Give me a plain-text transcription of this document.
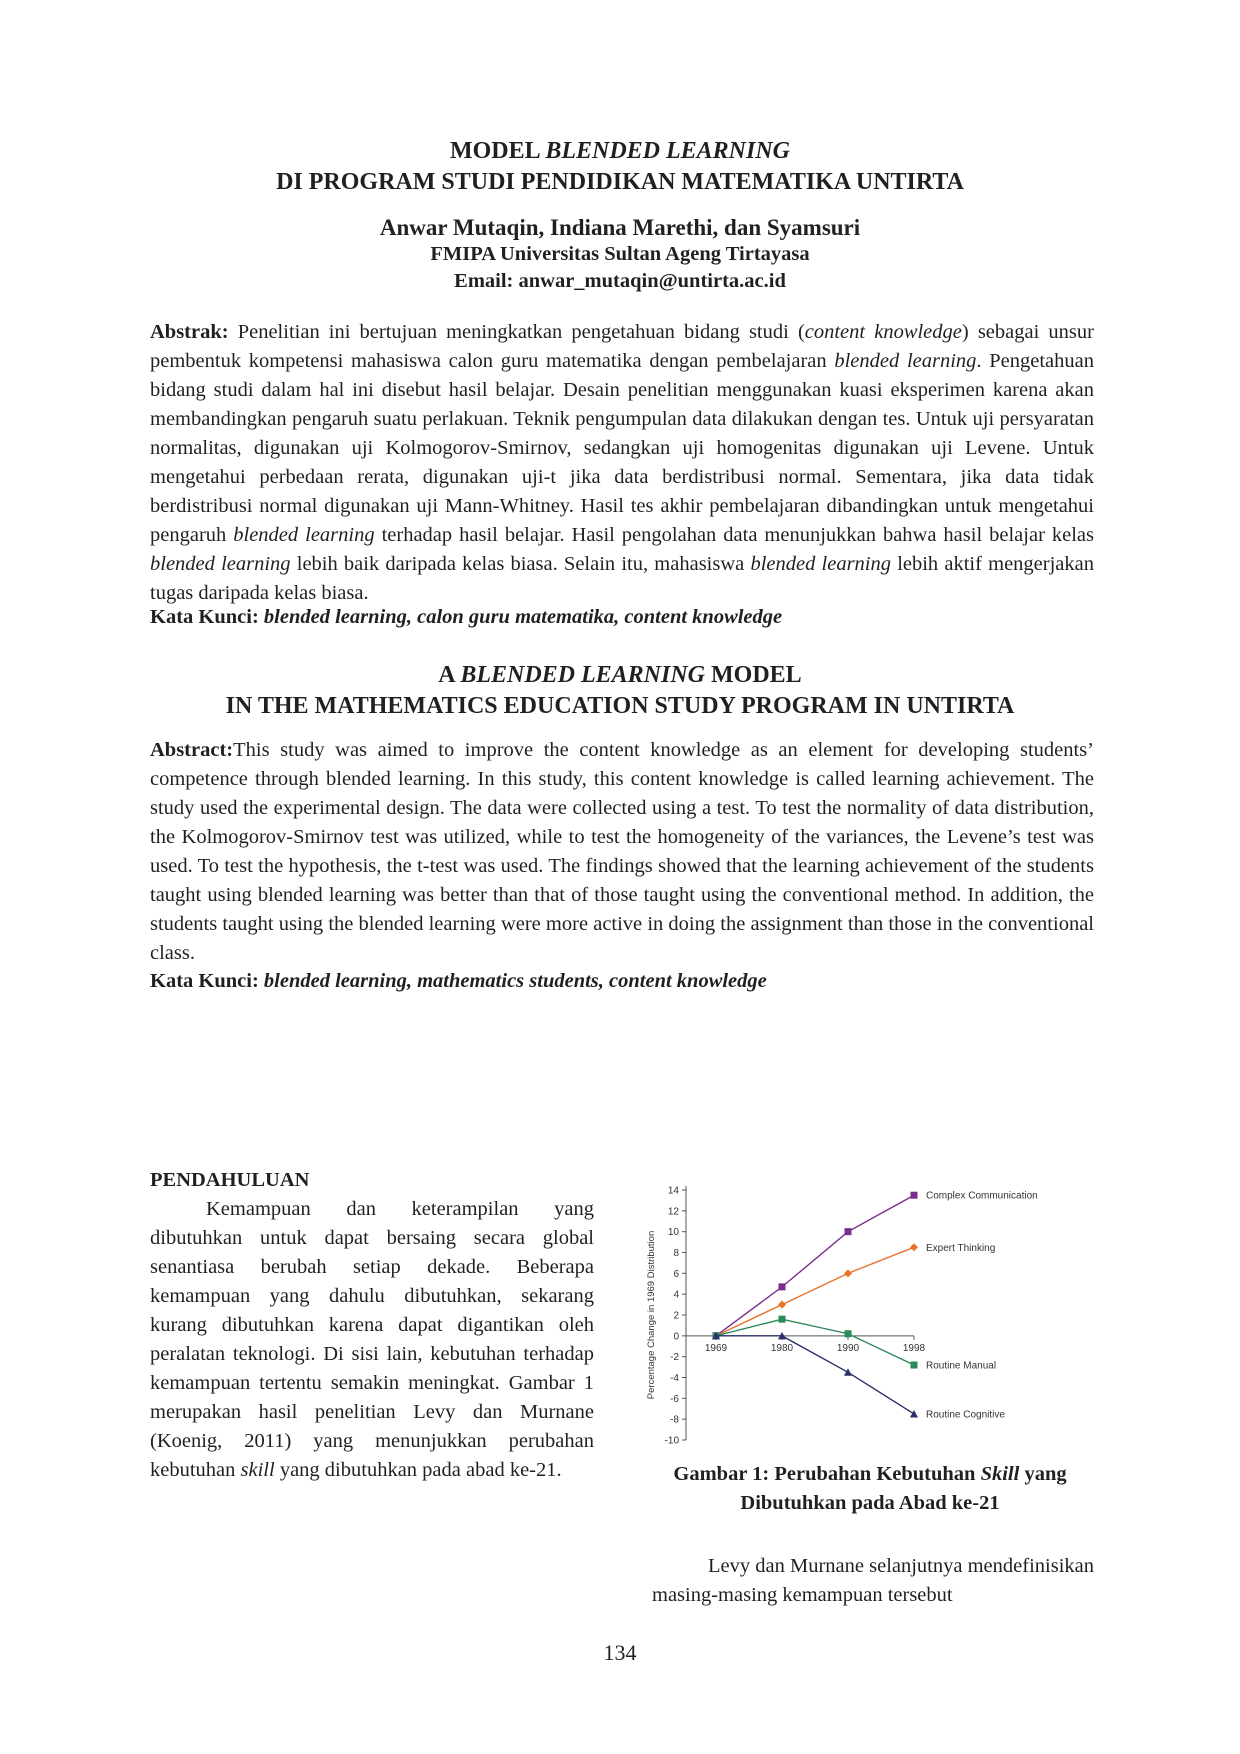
MODEL BLENDED LEARNING
DI PROGRAM STUDI PENDIDIKAN MATEMATIKA UNTIRTA
Anwar Mutaqin, Indiana Marethi, dan Syamsuri
FMIPA Universitas Sultan Ageng Tirtayasa
Email: anwar_mutaqin@untirta.ac.id
Abstrak: Penelitian ini bertujuan meningkatkan pengetahuan bidang studi (content knowledge) sebagai unsur pembentuk kompetensi mahasiswa calon guru matematika dengan pembelajaran blended learning. Pengetahuan bidang studi dalam hal ini disebut hasil belajar. Desain penelitian menggunakan kuasi eksperimen karena akan membandingkan pengaruh suatu perlakuan. Teknik pengumpulan data dilakukan dengan tes. Untuk uji persyaratan normalitas, digunakan uji Kolmogorov-Smirnov, sedangkan uji homogenitas digunakan uji Levene. Untuk mengetahui perbedaan rerata, digunakan uji-t jika data berdistribusi normal. Sementara, jika data tidak berdistribusi normal digunakan uji Mann-Whitney. Hasil tes akhir pembelajaran dibandingkan untuk mengetahui pengaruh blended learning terhadap hasil belajar. Hasil pengolahan data menunjukkan bahwa hasil belajar kelas blended learning lebih baik daripada kelas biasa. Selain itu, mahasiswa blended learning lebih aktif mengerjakan tugas daripada kelas biasa.
Kata Kunci: blended learning, calon guru matematika, content knowledge
A BLENDED LEARNING MODEL
IN THE MATHEMATICS EDUCATION STUDY PROGRAM IN UNTIRTA
Abstract:This study was aimed to improve the content knowledge as an element for developing students’ competence through blended learning. In this study, this content knowledge is called learning achievement. The study used the experimental design. The data were collected using a test. To test the normality of data distribution, the Kolmogorov-Smirnov test was utilized, while to test the homogeneity of the variances, the Levene’s test was used. To test the hypothesis, the t-test was used. The findings showed that the learning achievement of the students taught using blended learning was better than that of those taught using the conventional method. In addition, the students taught using the blended learning were more active in doing the assignment than those in the conventional class.
Kata Kunci: blended learning, mathematics students, content knowledge
PENDAHULUAN
Kemampuan dan keterampilan yang dibutuhkan untuk dapat bersaing secara global senantiasa berubah setiap dekade. Beberapa kemampuan yang dahulu dibutuhkan, sekarang kurang dibutuhkan karena dapat digantikan oleh peralatan teknologi. Di sisi lain, kebutuhan terhadap kemampuan tertentu semakin meningkat. Gambar 1 merupakan hasil penelitian Levy dan Murnane (Koenig, 2011) yang menunjukkan perubahan kebutuhan skill yang dibutuhkan pada abad ke-21.
14
12
10
8
6
4
2
0
-2
-4
-6
-8
-10
1969	1980	1990	1998
Percentage Change in 1969 Distribution
Complex Communication
Expert Thinking
Routine Manual
Routine Cognitive
Gambar 1: Perubahan Kebutuhan Skill yang
Dibutuhkan pada Abad ke-21
Levy dan Murnane selanjutnya mendefinisikan masing-masing kemampuan tersebut
134
